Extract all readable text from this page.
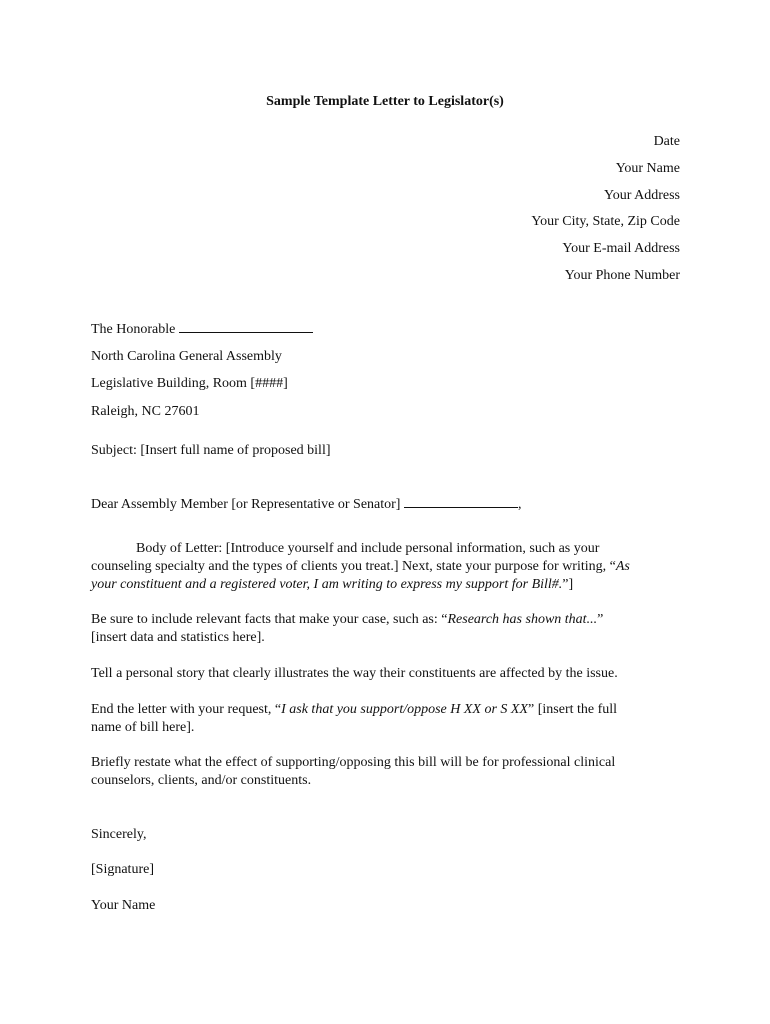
Sample Template Letter to Legislator(s)
Date
Your Name
Your Address
Your City, State, Zip Code
Your E-mail Address
Your Phone Number
The Honorable
North Carolina General Assembly
Legislative Building, Room [####]
Raleigh, NC 27601
Subject: [Insert full name of proposed bill]
Dear Assembly Member [or Representative or Senator]	,
Body of Letter: [Introduce yourself and include personal information, such as your
counseling specialty and the types of clients you treat.] Next, state your purpose for writing, “As
your constituent and a registered voter, I am writing to express my support for Bill#.”]
Be sure to include relevant facts that make your case, such as: “Research has shown that...”
[insert data and statistics here].
Tell a personal story that clearly illustrates the way their constituents are affected by the issue.
End the letter with your request, “I ask that you support/oppose H XX or S XX” [insert the full
name of bill here].
Briefly restate what the effect of supporting/opposing this bill will be for professional clinical
counselors, clients, and/or constituents.
Sincerely,
[Signature]
Your Name
